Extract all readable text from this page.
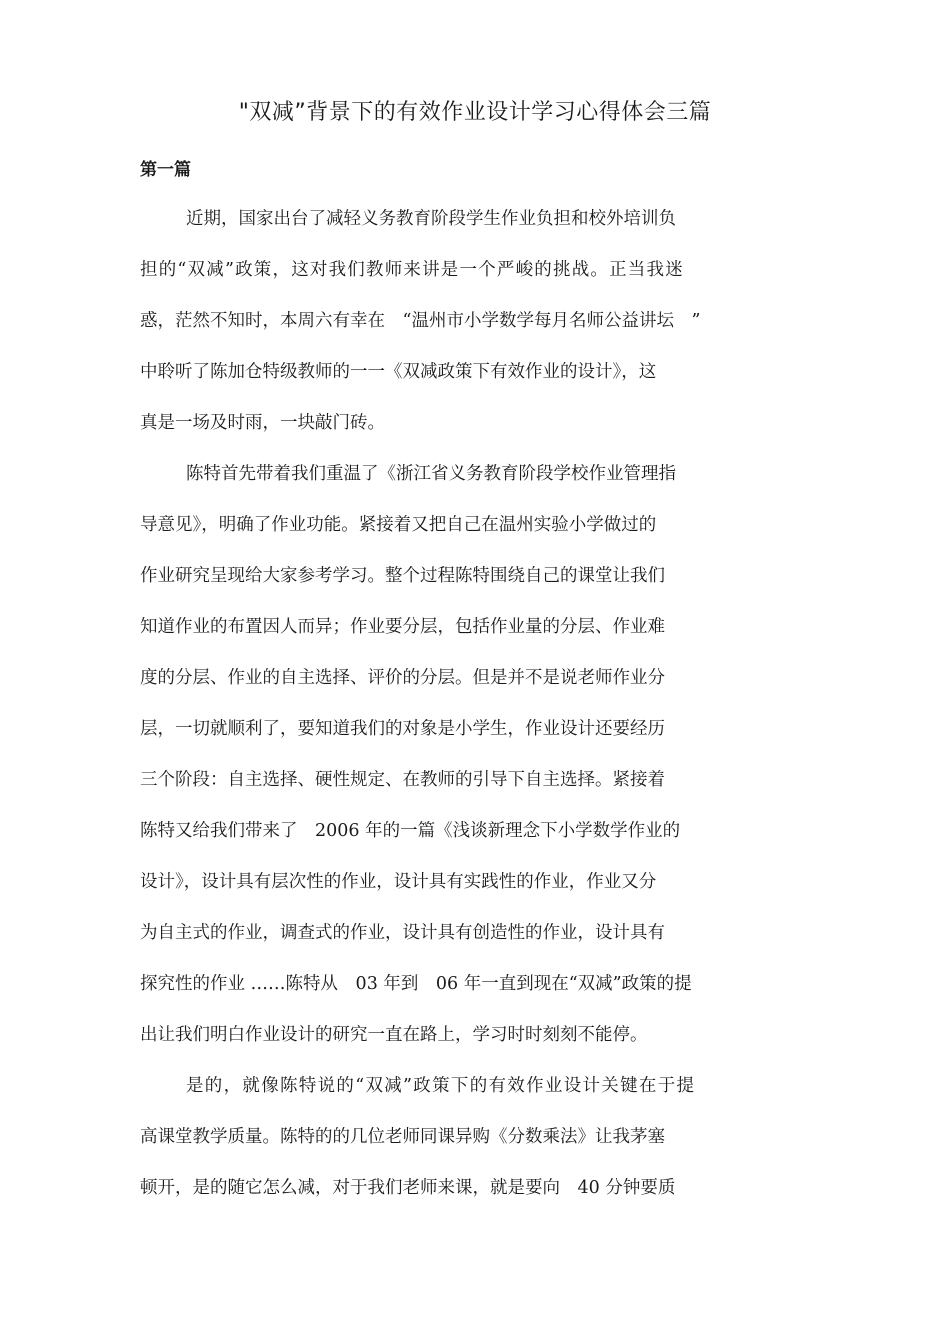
"双减”背景下的有效作业设计学习心得体会三篇
第一篇
近期，国家出台了减轻义务教育阶段学生作业负担和校外培训负
担的“双减”政策，这对我们教师来讲是一个严峻的挑战。正当我迷
惑，茫然不知时，本周六有幸在　“温州市小学数学每月名师公益讲坛　”
中聆听了陈加仓特级教师的一一《双减政策下有效作业的设计》，这
真是一场及时雨，一块敲门砖。
陈特首先带着我们重温了《浙江省义务教育阶段学校作业管理指
导意见》，明确了作业功能。紧接着又把自己在温州实验小学做过的
作业研究呈现给大家参考学习。整个过程陈特围绕自己的课堂让我们
知道作业的布置因人而异；作业要分层，包括作业量的分层、作业难
度的分层、作业的自主选择、评价的分层。但是并不是说老师作业分
层，一切就顺利了，要知道我们的对象是小学生，作业设计还要经历
三个阶段：自主选择、硬性规定、在教师的引导下自主选择。紧接着
陈特又给我们带来了　2006 年的一篇《浅谈新理念下小学数学作业的
设计》，设计具有层次性的作业，设计具有实践性的作业，作业又分
为自主式的作业，调查式的作业，设计具有创造性的作业，设计具有
探究性的作业 ……陈特从　03 年到　06 年一直到现在“双减”政策的提
出让我们明白作业设计的研究一直在路上，学习时时刻刻不能停。
是的，就像陈特说的“双减”政策下的有效作业设计关键在于提
高课堂教学质量。陈特的的几位老师同课异购《分数乘法》让我茅塞
顿开，是的随它怎么减，对于我们老师来课，就是要向　40 分钟要质
